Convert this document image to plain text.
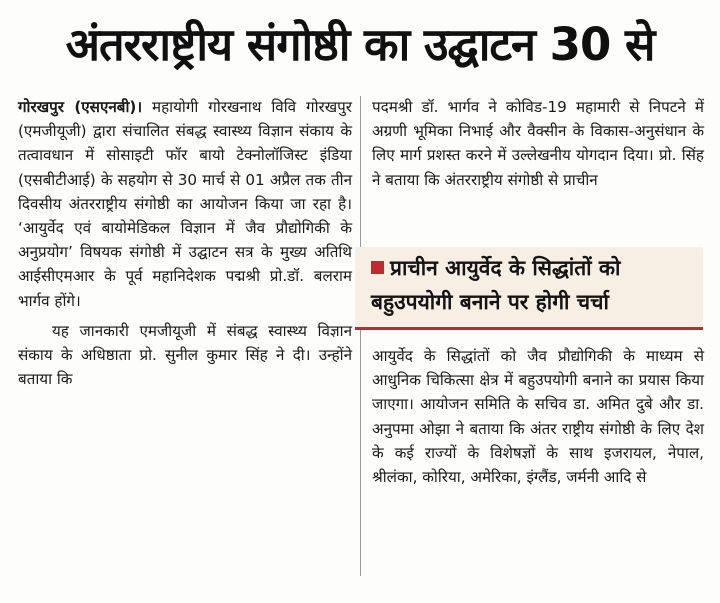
अंतरराष्ट्रीय संगोष्ठी का उद्घाटन 30 से

गोरखपुर (एसएनबी)। महायोगी गोरखनाथ विवि गोरखपुर (एमजीयूजी) द्वारा संचालित संबद्ध स्वास्थ्य विज्ञान संकाय के तत्वावधान में सोसाइटी फॉर बायो टेक्नोलॉजिस्ट इंडिया (एसबीटीआई) के सहयोग से 30 मार्च से 01 अप्रैल तक तीन दिवसीय अंतरराष्ट्रीय संगोष्ठी का आयोजन किया जा रहा है। ‘आयुर्वेद एवं बायोमेडिकल विज्ञान में जैव प्रौद्योगिकी के अनुप्रयोग’ विषयक संगोष्ठी में उद्घाटन सत्र के मुख्य अतिथि आईसीएमआर के पूर्व महानिदेशक पद्मश्री प्रो.डॉ. बलराम भार्गव होंगे।

यह जानकारी एमजीयूजी में संबद्ध स्वास्थ्य विज्ञान संकाय के अधिष्ठाता प्रो. सुनील कुमार सिंह ने दी। उन्होंने बताया कि

पदमश्री डॉ. भार्गव ने कोविड-19 महामारी से निपटने में अग्रणी भूमिका निभाई और वैक्सीन के विकास-अनुसंधान के लिए मार्ग प्रशस्त करने में उल्लेखनीय योगदान दिया। प्रो. सिंह ने बताया कि अंतरराष्ट्रीय संगोष्ठी से प्राचीन

प्राचीन आयुर्वेद के सिद्धांतों को
बहुउपयोगी बनाने पर होगी चर्चा

आयुर्वेद के सिद्धांतों को जैव प्रौद्योगिकी के माध्यम से आधुनिक चिकित्सा क्षेत्र में बहुउपयोगी बनाने का प्रयास किया जाएगा। आयोजन समिति के सचिव डा. अमित दुबे और डा. अनुपमा ओझा ने बताया कि अंतर राष्ट्रीय संगोष्ठी के लिए देश के कई राज्यों के विशेषज्ञों के साथ इजरायल, नेपाल, श्रीलंका, कोरिया, अमेरिका, इंग्लैंड, जर्मनी आदि से
